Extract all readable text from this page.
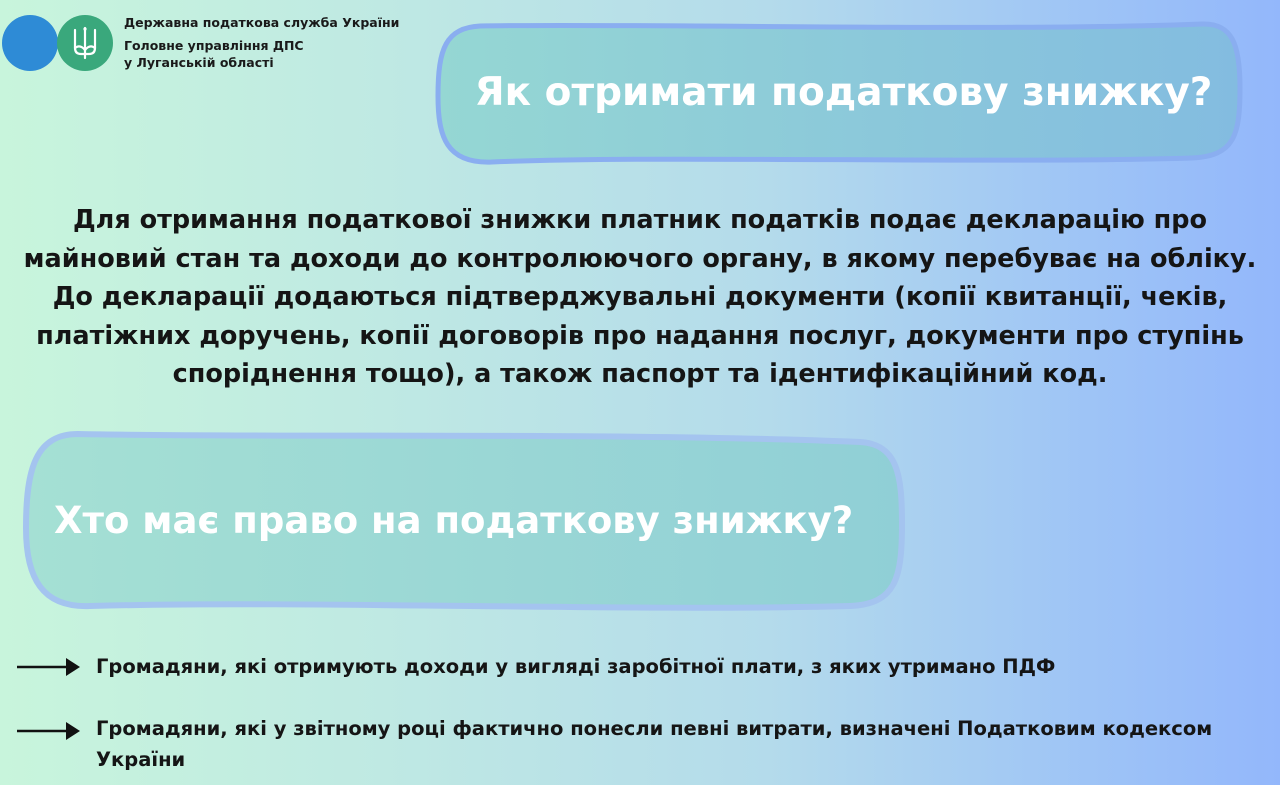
Державна податкова служба України
Головне управління ДПС
у Луганській області
Як отримати податкову знижку?
Для отримання податкової знижки платник податків подає декларацію про майновий стан та доходи до контролюючого органу, в якому перебуває на обліку. До декларації додаються підтверджувальні документи (копії квитанції, чеків, платіжних доручень, копії договорів про надання послуг, документи про ступінь споріднення тощо), а також паспорт та ідентифікаційний код.
Хто має право на податкову знижку?
Громадяни, які отримують доходи у вигляді заробітної плати, з яких утримано ПДФ
Громадяни, які у звітному році фактично понесли певні витрати, визначені Податковим кодексом України
